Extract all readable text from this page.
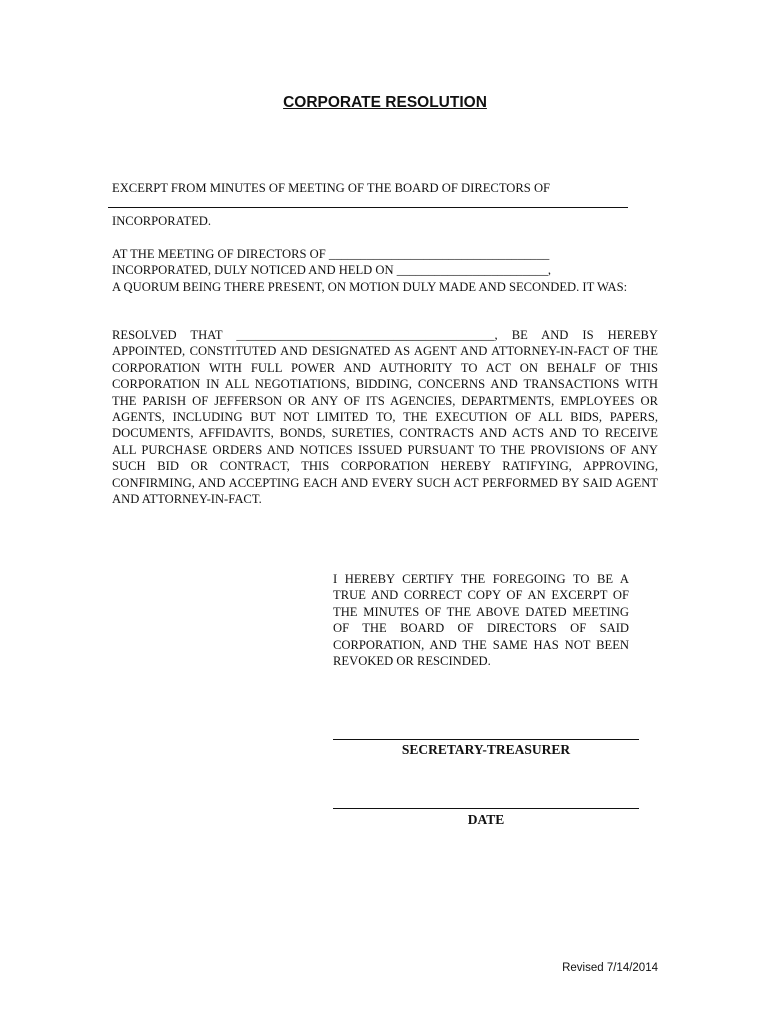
CORPORATE RESOLUTION

EXCERPT FROM MINUTES OF MEETING OF THE BOARD OF DIRECTORS OF

INCORPORATED.

AT THE MEETING OF DIRECTORS OF ___________________________________
INCORPORATED, DULY NOTICED AND HELD ON ________________________,
A QUORUM BEING THERE PRESENT, ON MOTION DULY MADE AND SECONDED. IT WAS:

RESOLVED THAT _________________________________________, BE AND IS HEREBY APPOINTED, CONSTITUTED AND DESIGNATED AS AGENT AND ATTORNEY-IN-FACT OF THE CORPORATION WITH FULL POWER AND AUTHORITY TO ACT ON BEHALF OF THIS CORPORATION IN ALL NEGOTIATIONS, BIDDING, CONCERNS AND TRANSACTIONS WITH THE PARISH OF JEFFERSON OR ANY OF ITS AGENCIES, DEPARTMENTS, EMPLOYEES OR AGENTS, INCLUDING BUT NOT LIMITED TO, THE EXECUTION OF ALL BIDS, PAPERS, DOCUMENTS, AFFIDAVITS, BONDS, SURETIES, CONTRACTS AND ACTS AND TO RECEIVE ALL PURCHASE ORDERS AND NOTICES ISSUED PURSUANT TO THE PROVISIONS OF ANY SUCH BID OR CONTRACT, THIS CORPORATION HEREBY RATIFYING, APPROVING, CONFIRMING, AND ACCEPTING EACH AND EVERY SUCH ACT PERFORMED BY SAID AGENT AND ATTORNEY-IN-FACT.

I HEREBY CERTIFY THE FOREGOING TO BE A TRUE AND CORRECT COPY OF AN EXCERPT OF THE MINUTES OF THE ABOVE DATED MEETING OF THE BOARD OF DIRECTORS OF SAID CORPORATION, AND THE SAME HAS NOT BEEN REVOKED OR RESCINDED.

SECRETARY-TREASURER

DATE

Revised 7/14/2014
